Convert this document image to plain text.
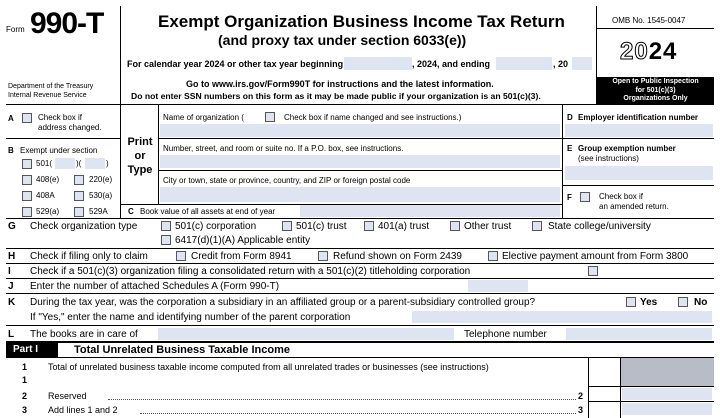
Form 990-T
Department of the Treasury
Internal Revenue Service
Exempt Organization Business Income Tax Return
(and proxy tax under section 6033(e))
For calendar year 2024 or other tax year beginning	, 2024, and ending	, 20
Go to www.irs.gov/Form990T for instructions and the latest information.
Do not enter SSN numbers on this form as it may be made public if your organization is an 501(c)(3).
OMB No. 1545-0047
2024
Open to Public Inspection
for 501(c)(3)
Organizations Only
A	Check box if
address changed.
B Exempt under section
501(	)(	)
408(e)	220(e)
408A	530(a)
529(a)	529A
Print
or
Type
Name of organization (	Check box if name changed and see instructions.)
Number, street, and room or suite no. If a P.O. box, see instructions.
City or town, state or province, country, and ZIP or foreign postal code
C Book value of all assets at end of year
D Employer identification number
E Group exemption number
(see instructions)
F	Check box if
an amended return.
G Check organization type	501(c) corporation	501(c) trust	401(a) trust	Other trust	State college/university
6417(d)(1)(A) Applicable entity
H Check if filing only to claim	Credit from Form 8941	Refund shown on Form 2439	Elective payment amount from Form 3800
I Check if a 501(c)(3) organization filing a consolidated return with a 501(c)(2) titleholding corporation
J Enter the number of attached Schedules A (Form 990-T)
K During the tax year, was the corporation a subsidiary in an affiliated group or a parent-subsidiary controlled group?	Yes	No
If "Yes," enter the name and identifying number of the parent corporation
L The books are in care of	Telephone number
Part I	Total Unrelated Business Taxable Income
1 Total of unrelated business taxable income computed from all unrelated trades or businesses (see instructions)
1
2 Reserved	2
3 Add lines 1 and 2	3
